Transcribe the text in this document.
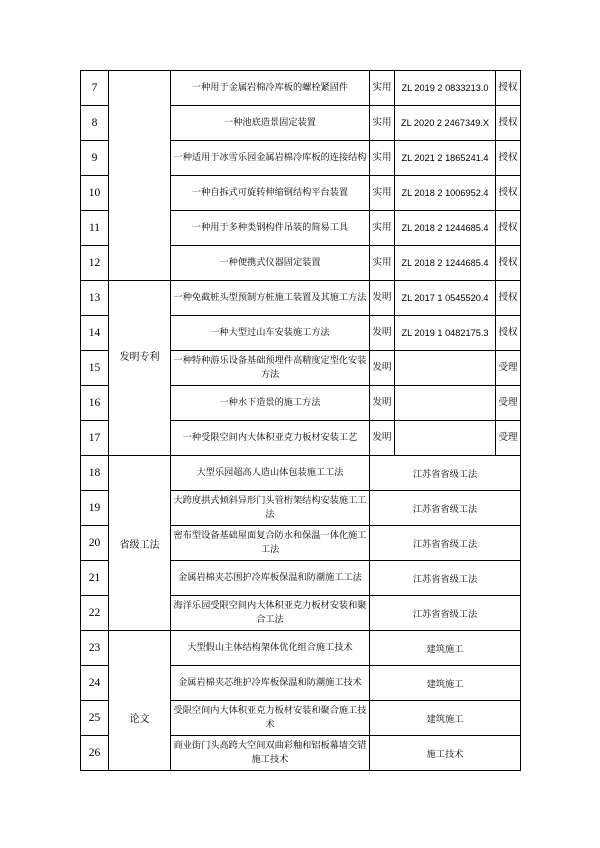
7		一种用于金属岩棉冷库板的螺栓紧固件	实用	ZL 2019 2 0833213.0	授权
8		一种池底造景固定装置	实用	ZL 2020 2 2467349.X	授权
9		一种适用于冰雪乐园金属岩棉冷库板的连接结构	实用	ZL 2021 2 1865241.4	授权
10		一种自拆式可旋转伸缩钢结构平台装置	实用	ZL 2018 2 1006952.4	授权
11		一种用于多种类钢构件吊装的简易工具	实用	ZL 2018 2 1244685.4	授权
12		一种便携式仪器固定装置	实用	ZL 2018 2 1244685.4	授权
13	发明专利	一种免截桩头型预制方桩施工装置及其施工方法	发明	ZL 2017 1 0545520.4	授权
14		一种大型过山车安装施工方法	发明	ZL 2019 1 0482175.3	授权
15		一种特种游乐设备基础预埋件高精度定型化安装方法	发明		受理
16		一种水下造景的施工方法	发明		受理
17		一种受限空间内大体积亚克力板材安装工艺	发明		受理
18	省级工法	大型乐园超高人造山体包装施工工法	江苏省省级工法		
19		大跨度拱式倾斜异形门头管桁架结构安装施工工法	江苏省省级工法		
20		密布型设备基础屋面复合防水和保温一体化施工工法	江苏省省级工法		
21		金属岩棉夹芯围护冷库板保温和防潮施工工法	江苏省省级工法		
22		海洋乐园受限空间内大体积亚克力板材安装和聚合工法	江苏省省级工法		
23	论文	大型假山主体结构架体优化组合施工技术	建筑施工		
24		金属岩棉夹芯维护冷库板保温和防潮施工技术	建筑施工		
25		受限空间内大体积亚克力板材安装和聚合施工技术	建筑施工		
26		商业街门头高跨大空间双曲彩釉和铝板幕墙交错施工技术	施工技术		
